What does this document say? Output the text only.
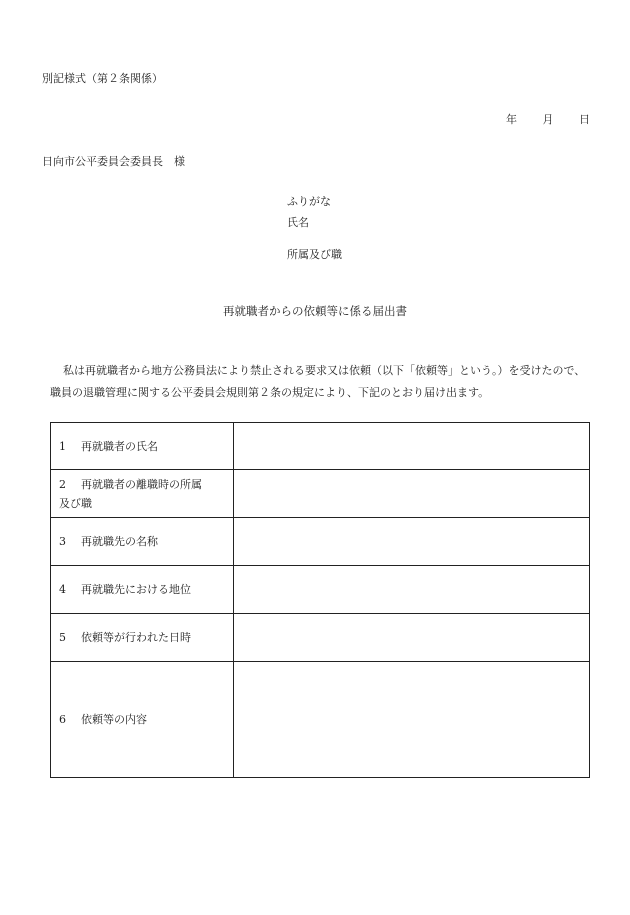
別記様式（第２条関係）
年 月 日
日向市公平委員会委員長　様
ふりがな
氏名
所属及び職
再就職者からの依頼等に係る届出書
私は再就職者から地方公務員法により禁止される要求又は依頼（以下「依頼等」という。）を受けたので、職員の退職管理に関する公平委員会規則第２条の規定により、下記のとおり届け出ます。
1 再就職者の氏名	
2 再就職者の離職時の所属
及び職	
3 再就職先の名称	
4 再就職先における地位	
5 依頼等が行われた日時	
6 依頼等の内容	
